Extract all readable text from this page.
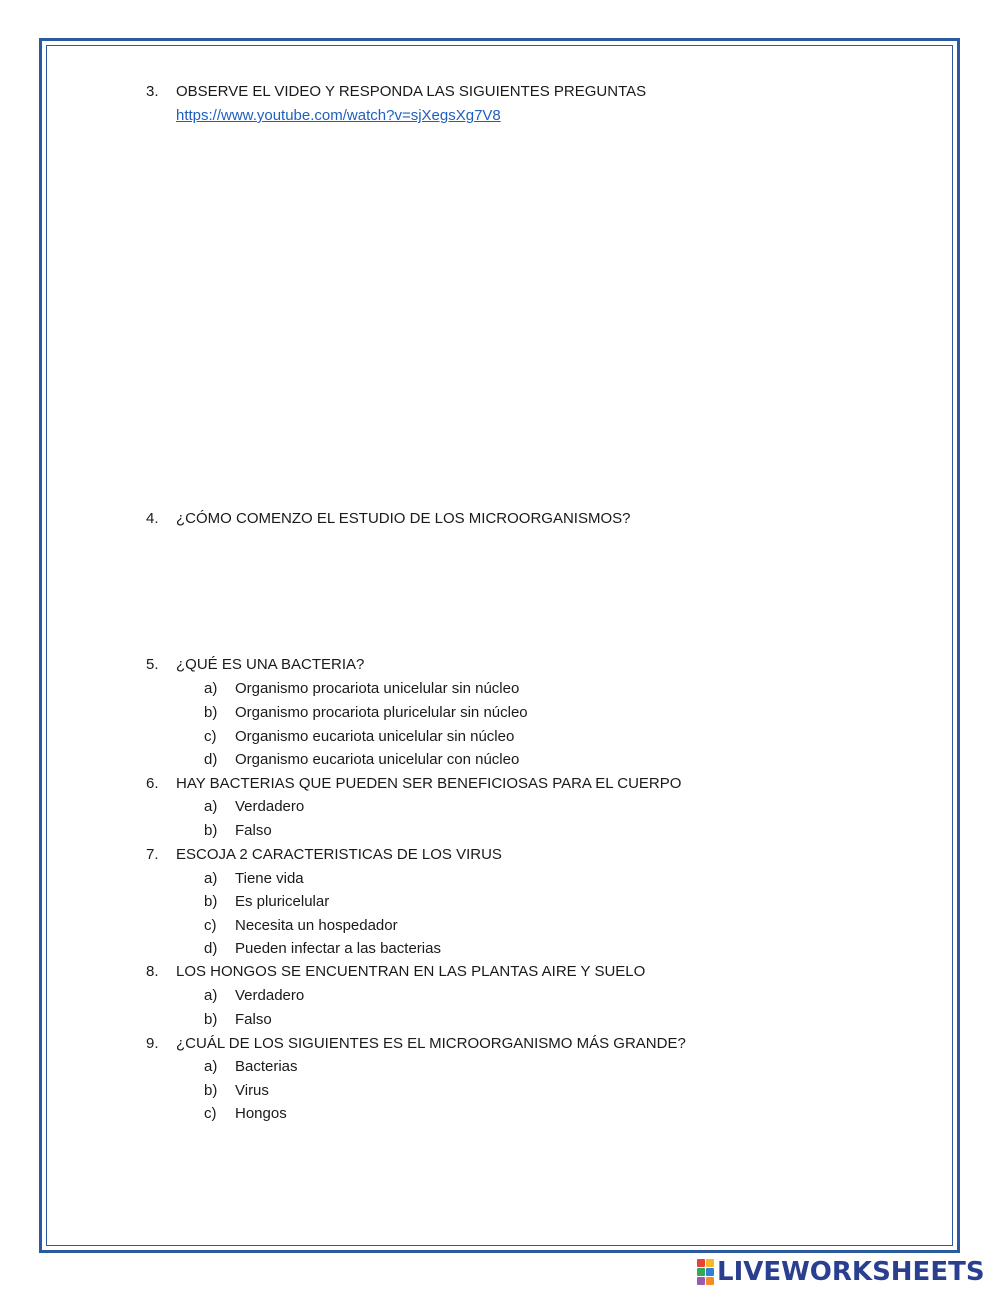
3. OBSERVE EL VIDEO Y RESPONDA LAS SIGUIENTES PREGUNTAS
https://www.youtube.com/watch?v=sjXegsXg7V8
4. ¿CÓMO COMENZO EL ESTUDIO DE LOS MICROORGANISMOS?
5. ¿QUÉ ES UNA BACTERIA?
a) Organismo procariota unicelular sin núcleo
b) Organismo procariota pluricelular sin núcleo
c) Organismo eucariota unicelular sin núcleo
d) Organismo eucariota unicelular con núcleo
6. HAY BACTERIAS QUE PUEDEN SER BENEFICIOSAS PARA EL CUERPO
a) Verdadero
b) Falso
7. ESCOJA 2 CARACTERISTICAS DE LOS VIRUS
a) Tiene vida
b) Es pluricelular
c) Necesita un hospedador
d) Pueden infectar a las bacterias
8. LOS HONGOS SE ENCUENTRAN EN LAS PLANTAS AIRE Y SUELO
a) Verdadero
b) Falso
9. ¿CUÁL DE LOS SIGUIENTES ES EL MICROORGANISMO MÁS GRANDE?
a) Bacterias
b) Virus
c) Hongos
LIVEWORKSHEETS
